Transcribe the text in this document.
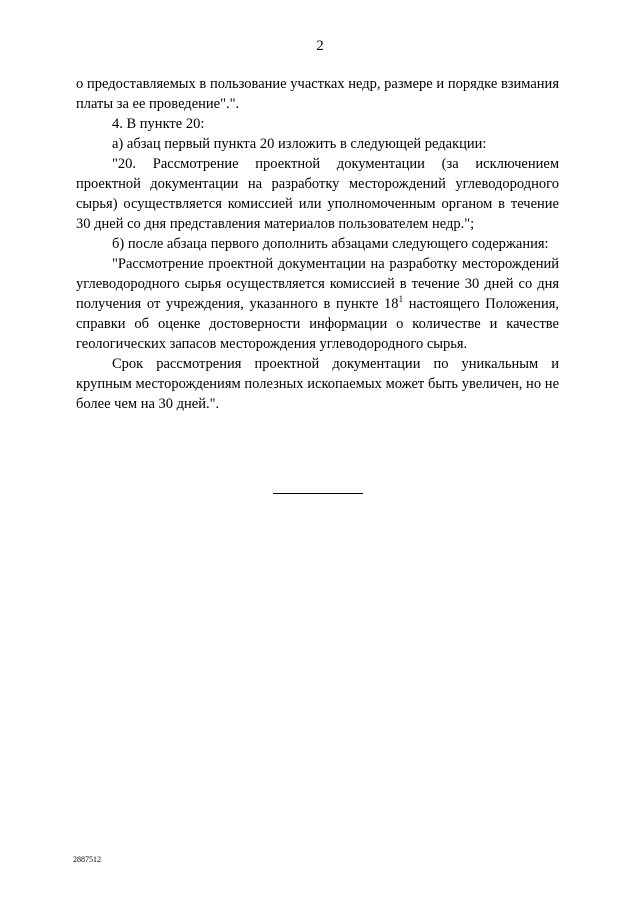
2

о предоставляемых в пользование участках недр, размере и порядке взимания платы за ее проведение".".

4. В пункте 20:

а) абзац первый пункта 20 изложить в следующей редакции:

"20. Рассмотрение проектной документации (за исключением проектной документации на разработку месторождений углеводородного сырья) осуществляется комиссией или уполномоченным органом в течение 30 дней со дня представления материалов пользователем недр.";

б) после абзаца первого дополнить абзацами следующего содержания:

"Рассмотрение проектной документации на разработку месторождений углеводородного сырья осуществляется комиссией в течение 30 дней со дня получения от учреждения, указанного в пункте $18^1$ настоящего Положения, справки об оценке достоверности информации о количестве и качестве геологических запасов месторождения углеводородного сырья.

Срок рассмотрения проектной документации по уникальным и крупным месторождениям полезных ископаемых может быть увеличен, но не более чем на 30 дней.".

2887512
